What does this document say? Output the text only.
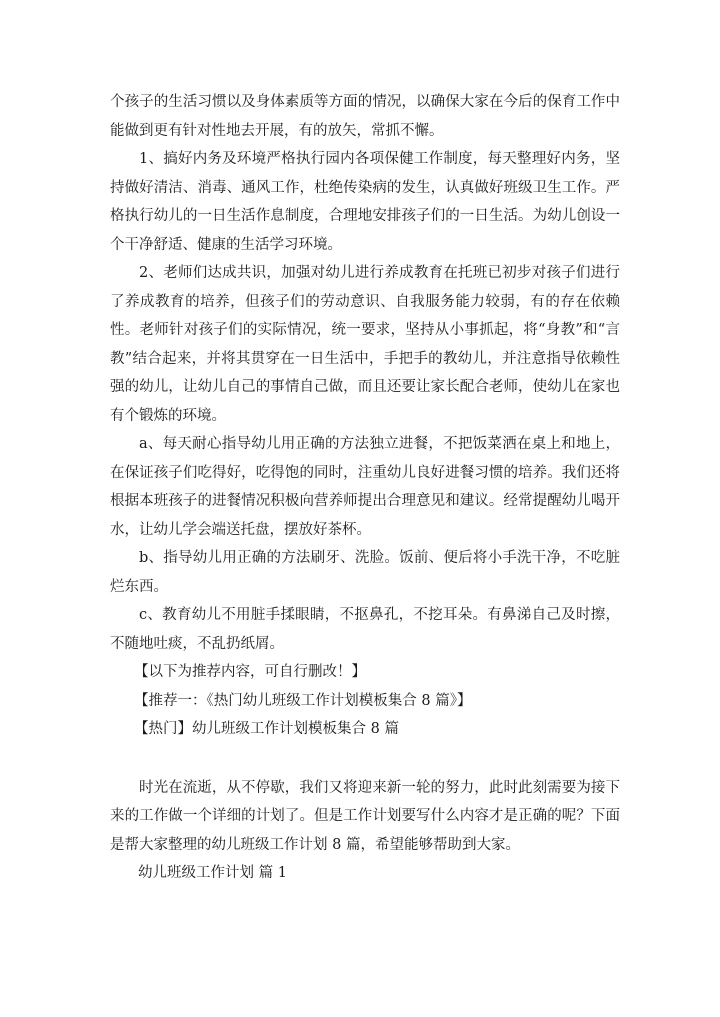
个孩子的生活习惯以及身体素质等方面的情况，以确保大家在今后的保育工作中能做到更有针对性地去开展，有的放矢，常抓不懈。

1、搞好内务及环境严格执行园内各项保健工作制度，每天整理好内务，坚持做好清洁、消毒、通风工作，杜绝传染病的发生，认真做好班级卫生工作。严格执行幼儿的一日生活作息制度，合理地安排孩子们的一日生活。为幼儿创设一个干净舒适、健康的生活学习环境。

2、老师们达成共识，加强对幼儿进行养成教育在托班已初步对孩子们进行了养成教育的培养，但孩子们的劳动意识、自我服务能力较弱，有的存在依赖性。老师针对孩子们的实际情况，统一要求，坚持从小事抓起，将“身教”和“言教”结合起来，并将其贯穿在一日生活中，手把手的教幼儿，并注意指导依赖性强的幼儿，让幼儿自己的事情自己做，而且还要让家长配合老师，使幼儿在家也有个锻炼的环境。

a、每天耐心指导幼儿用正确的方法独立进餐，不把饭菜洒在桌上和地上，在保证孩子们吃得好，吃得饱的同时，注重幼儿良好进餐习惯的培养。我们还将根据本班孩子的进餐情况积极向营养师提出合理意见和建议。经常提醒幼儿喝开水，让幼儿学会端送托盘，摆放好茶杯。

b、指导幼儿用正确的方法刷牙、洗脸。饭前、便后将小手洗干净，不吃脏烂东西。

c、教育幼儿不用脏手揉眼睛，不抠鼻孔，不挖耳朵。有鼻涕自己及时擦，不随地吐痰，不乱扔纸屑。

【以下为推荐内容，可自行删改！】

【推荐一：《热门幼儿班级工作计划模板集合 8 篇》】

【热门】幼儿班级工作计划模板集合 8 篇

时光在流逝，从不停歇，我们又将迎来新一轮的努力，此时此刻需要为接下来的工作做一个详细的计划了。但是工作计划要写什么内容才是正确的呢？下面是帮大家整理的幼儿班级工作计划 8 篇，希望能够帮助到大家。

幼儿班级工作计划 篇 1
